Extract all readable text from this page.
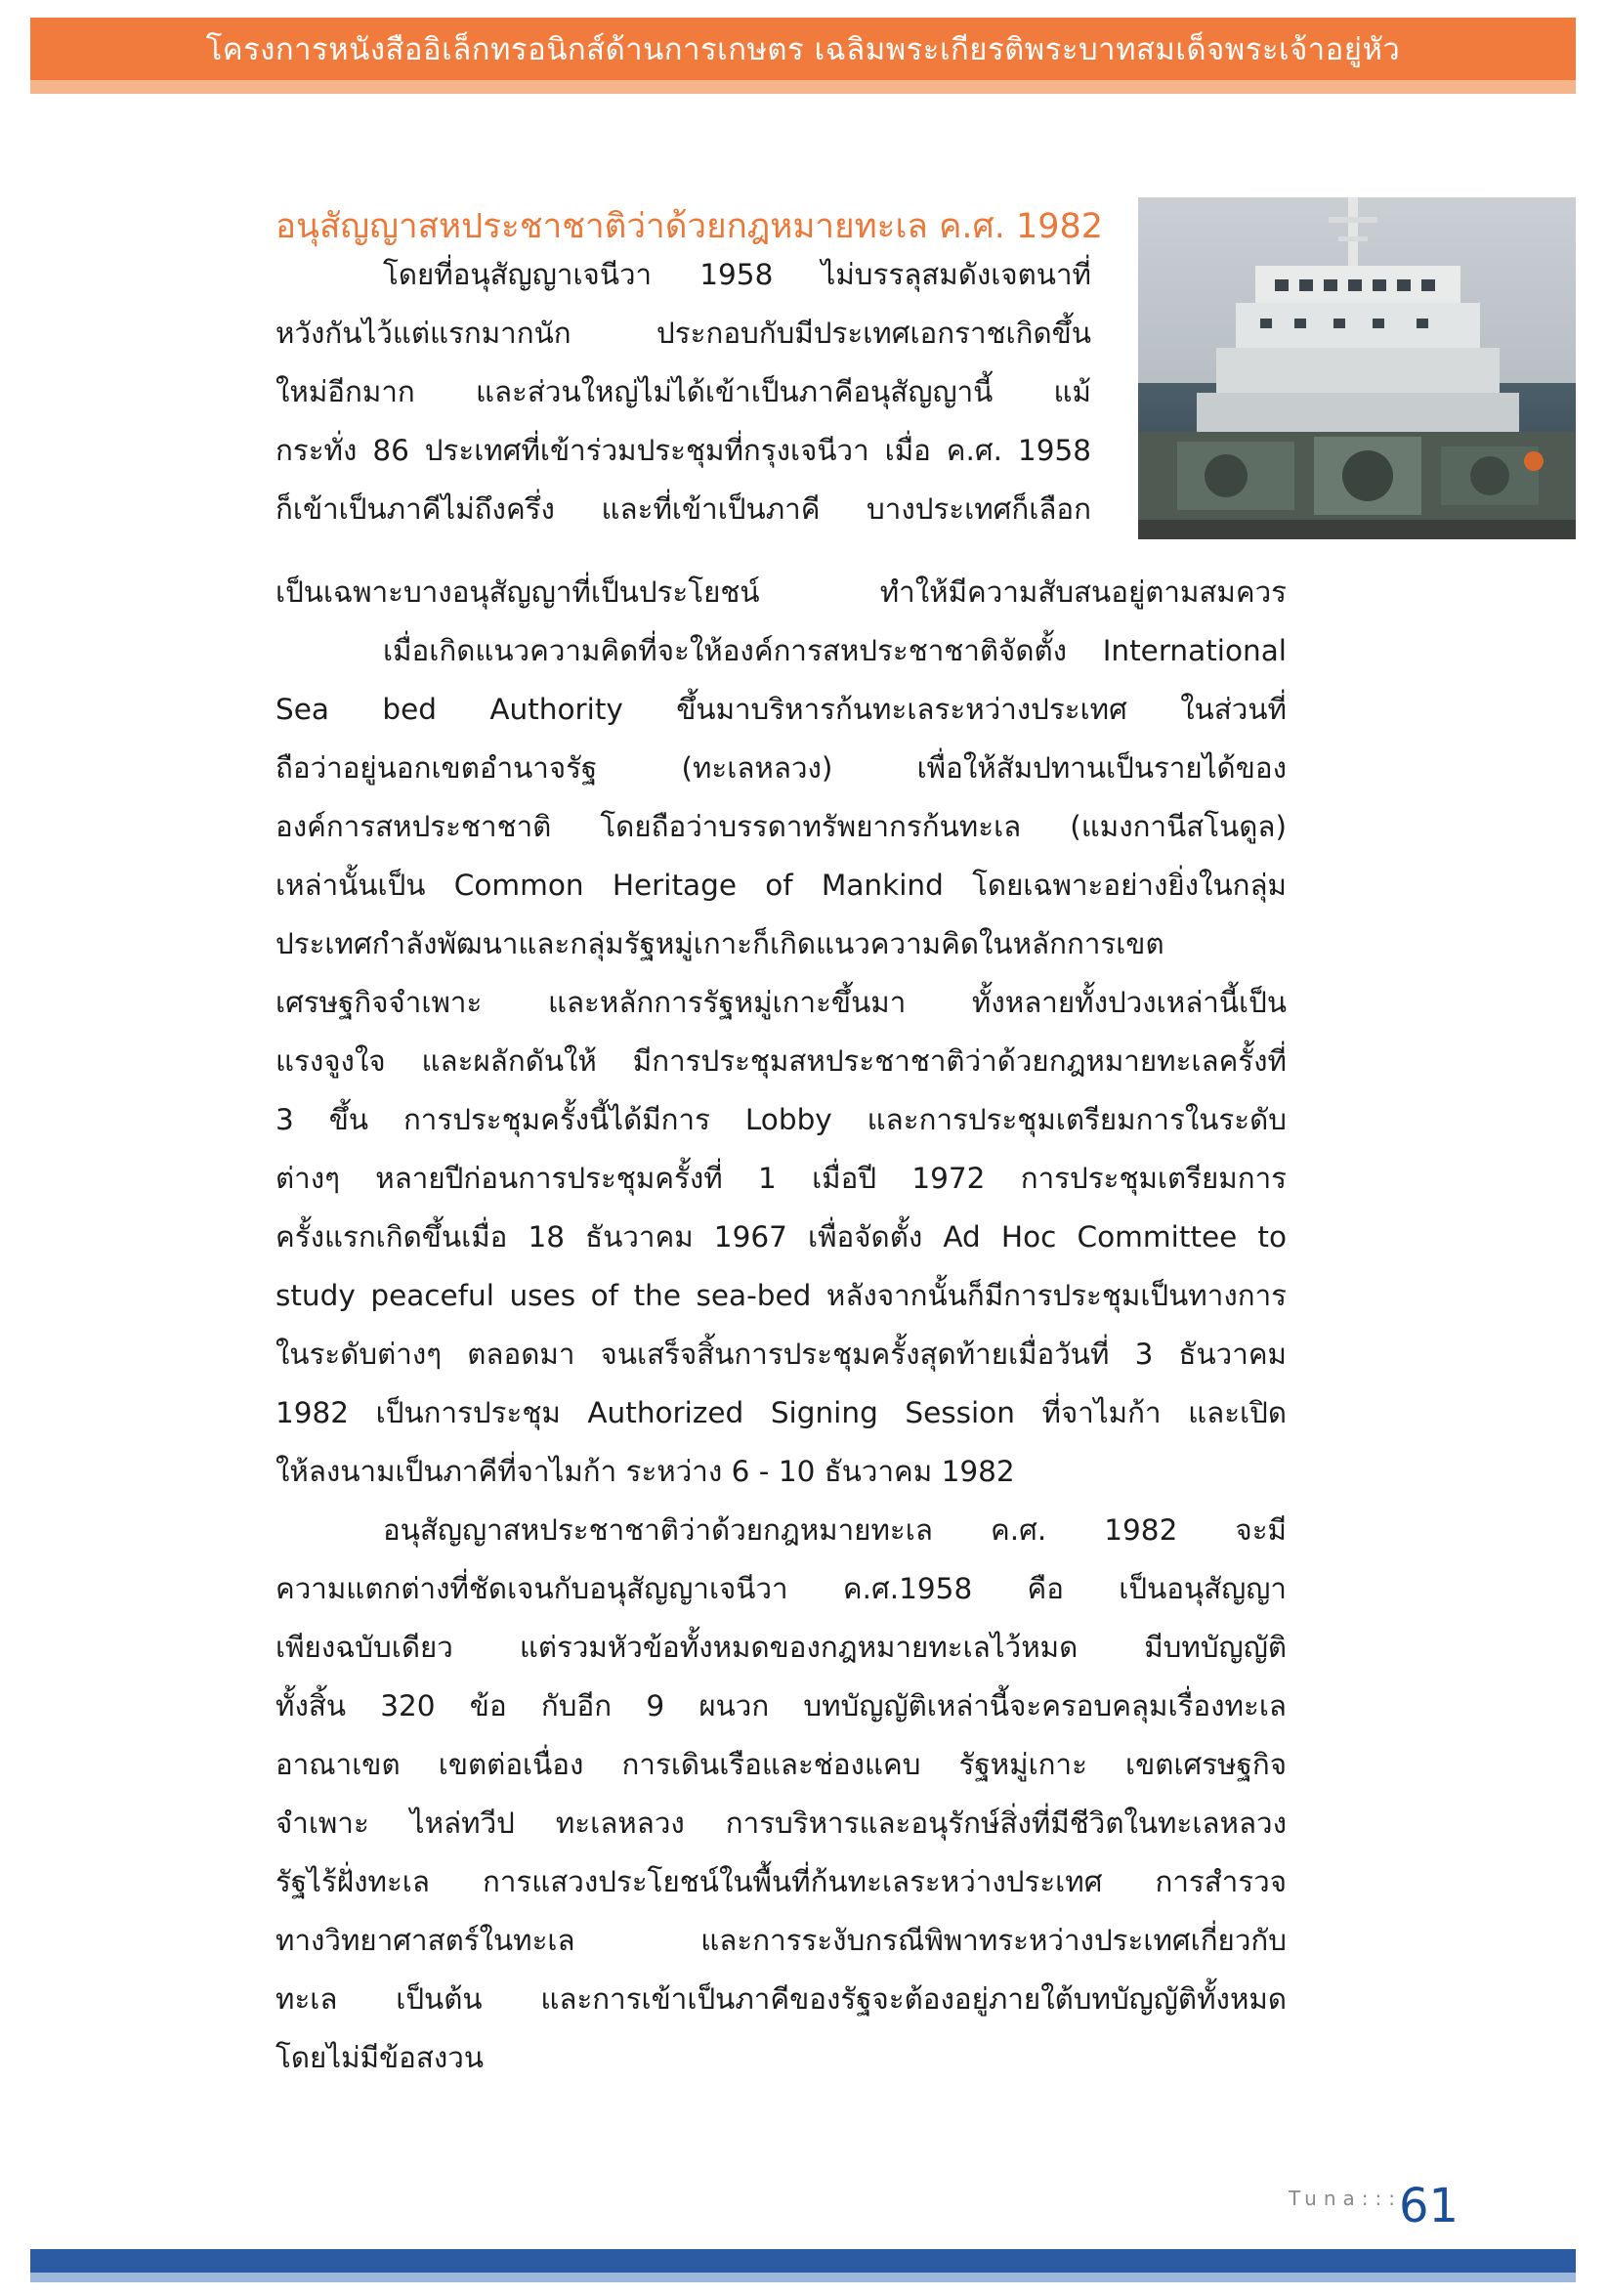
โครงการหนังสืออิเล็กทรอนิกส์ด้านการเกษตร เฉลิมพระเกียรติพระบาทสมเด็จพระเจ้าอยู่หัว
อนุสัญญาสหประชาชาติว่าด้วยกฎหมายทะเล ค.ศ. 1982
โดยที่อนุสัญญาเจนีวา 1958 ไม่บรรลุสมดังเจตนาที่
หวังกันไว้แต่แรกมากนัก ประกอบกับมีประเทศเอกราชเกิดขึ้น
ใหม่อีกมาก และส่วนใหญ่ไม่ได้เข้าเป็นภาคีอนุสัญญานี้ แม้
กระทั่ง 86 ประเทศที่เข้าร่วมประชุมที่กรุงเจนีวา เมื่อ ค.ศ. 1958
ก็เข้าเป็นภาคีไม่ถึงครึ่ง และที่เข้าเป็นภาคี บางประเทศก็เลือก
เป็นเฉพาะบางอนุสัญญาที่เป็นประโยชน์ ทำให้มีความสับสนอยู่ตามสมควร
เมื่อเกิดแนวความคิดที่จะให้องค์การสหประชาชาติจัดตั้ง International
Sea bed Authority ขึ้นมาบริหารก้นทะเลระหว่างประเทศ ในส่วนที่
ถือว่าอยู่นอกเขตอำนาจรัฐ (ทะเลหลวง) เพื่อให้สัมปทานเป็นรายได้ของ
องค์การสหประชาชาติ โดยถือว่าบรรดาทรัพยากรก้นทะเล (แมงกานีสโนดูล)
เหล่านั้นเป็น Common Heritage of Mankind โดยเฉพาะอย่างยิ่งในกลุ่ม
ประเทศกำลังพัฒนาและกลุ่มรัฐหมู่เกาะก็เกิดแนวความคิดในหลักการเขต
เศรษฐกิจจำเพาะ และหลักการรัฐหมู่เกาะขึ้นมา ทั้งหลายทั้งปวงเหล่านี้เป็น
แรงจูงใจ และผลักดันให้ มีการประชุมสหประชาชาติว่าด้วยกฎหมายทะเลครั้งที่
3 ขึ้น การประชุมครั้งนี้ได้มีการ Lobby และการประชุมเตรียมการในระดับ
ต่างๆ หลายปีก่อนการประชุมครั้งที่ 1 เมื่อปี 1972 การประชุมเตรียมการ
ครั้งแรกเกิดขึ้นเมื่อ 18 ธันวาคม 1967 เพื่อจัดตั้ง Ad Hoc Committee to
study peaceful uses of the sea-bed หลังจากนั้นก็มีการประชุมเป็นทางการ
ในระดับต่างๆ ตลอดมา จนเสร็จสิ้นการประชุมครั้งสุดท้ายเมื่อวันที่ 3 ธันวาคม
1982 เป็นการประชุม Authorized Signing Session ที่จาไมก้า และเปิด
ให้ลงนามเป็นภาคีที่จาไมก้า ระหว่าง 6 - 10 ธันวาคม 1982
อนุสัญญาสหประชาชาติว่าด้วยกฎหมายทะเล ค.ศ. 1982 จะมี
ความแตกต่างที่ชัดเจนกับอนุสัญญาเจนีวา ค.ศ.1958 คือ เป็นอนุสัญญา
เพียงฉบับเดียว แต่รวมหัวข้อทั้งหมดของกฎหมายทะเลไว้หมด มีบทบัญญัติ
ทั้งสิ้น 320 ข้อ กับอีก 9 ผนวก บทบัญญัติเหล่านี้จะครอบคลุมเรื่องทะเล
อาณาเขต เขตต่อเนื่อง การเดินเรือและช่องแคบ รัฐหมู่เกาะ เขตเศรษฐกิจ
จำเพาะ ไหล่ทวีป ทะเลหลวง การบริหารและอนุรักษ์สิ่งที่มีชีวิตในทะเลหลวง
รัฐไร้ฝั่งทะเล การแสวงประโยชน์ในพื้นที่ก้นทะเลระหว่างประเทศ การสำรวจ
ทางวิทยาศาสตร์ในทะเล และการระงับกรณีพิพาทระหว่างประเทศเกี่ยวกับ
ทะเล เป็นต้น และการเข้าเป็นภาคีของรัฐจะต้องอยู่ภายใต้บทบัญญัติทั้งหมด
โดยไม่มีข้อสงวน
Tuna:::
61
